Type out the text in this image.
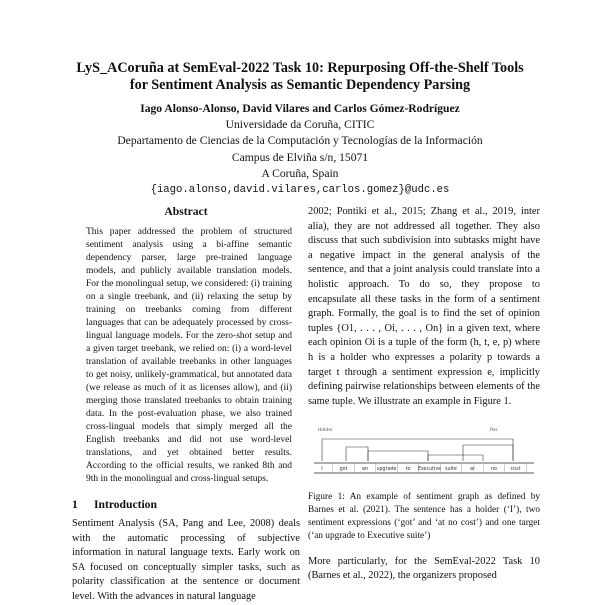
LyS_ACoruña at SemEval-2022 Task 10: Repurposing Off-the-Shelf Tools
for Sentiment Analysis as Semantic Dependency Parsing
Iago Alonso-Alonso, David Vilares and Carlos Gómez-Rodríguez
Universidade da Coruña, CITIC
Departamento de Ciencias de la Computación y Tecnologías de la Información
Campus de Elviña s/n, 15071
A Coruña, Spain
{iago.alonso,david.vilares,carlos.gomez}@udc.es
Abstract

This paper addressed the problem of structured sentiment analysis using a bi-affine semantic dependency parser, large pre-trained language models, and publicly available translation models. For the monolingual setup, we considered: (i) training on a single treebank, and (ii) relaxing the setup by training on treebanks coming from different languages that can be adequately processed by cross-lingual language models. For the zero-shot setup and a given target treebank, we relied on: (i) a word-level translation of available treebanks in other languages to get noisy, unlikely-grammatical, but annotated data (we release as much of it as licenses allow), and (ii) merging those translated treebanks to obtain training data. In the post-evaluation phase, we also trained cross-lingual models that simply merged all the English treebanks and did not use word-level translations, and yet obtained better results. According to the official results, we ranked 8th and 9th in the monolingual and cross-lingual setups.

1 Introduction

Sentiment Analysis (SA, Pang and Lee, 2008) deals with the automatic processing of subjective information in natural language texts. Early work on SA focused on conceptually simpler tasks, such as polarity classification at the sentence or document level. With the advances in natural language

2002; Pontiki et al., 2015; Zhang et al., 2019, inter alia), they are not addressed all together. They also discuss that such subdivision into subtasks might have a negative impact in the general analysis of the sentence, and that a joint analysis could translate into a holistic approach. To do so, they propose to encapsulate all these tasks in the form of a sentiment graph. Formally, the goal is to find the set of opinion tuples {O1, . . . , Oi, . . . , On} in a given text, where each opinion Oi is a tuple of the form (h, t, e, p) where h is a holder who expresses a polarity p towards a target t through a sentiment expression e, implicitly defining pairwise relationships between elements of the same tuple. We illustrate an example in Figure 1.

Holder	Pos
I	got	an upgrade to Executive suite	at	no	cost
Figure 1: An example of sentiment graph as defined by Barnes et al. (2021). The sentence has a holder (‘I’), two sentiment expressions (‘got’ and ‘at no cost’) and one target (‘an upgrade to Executive suite’)

More particularly, for the SemEval-2022 Task 10 (Barnes et al., 2022), the organizers proposed
